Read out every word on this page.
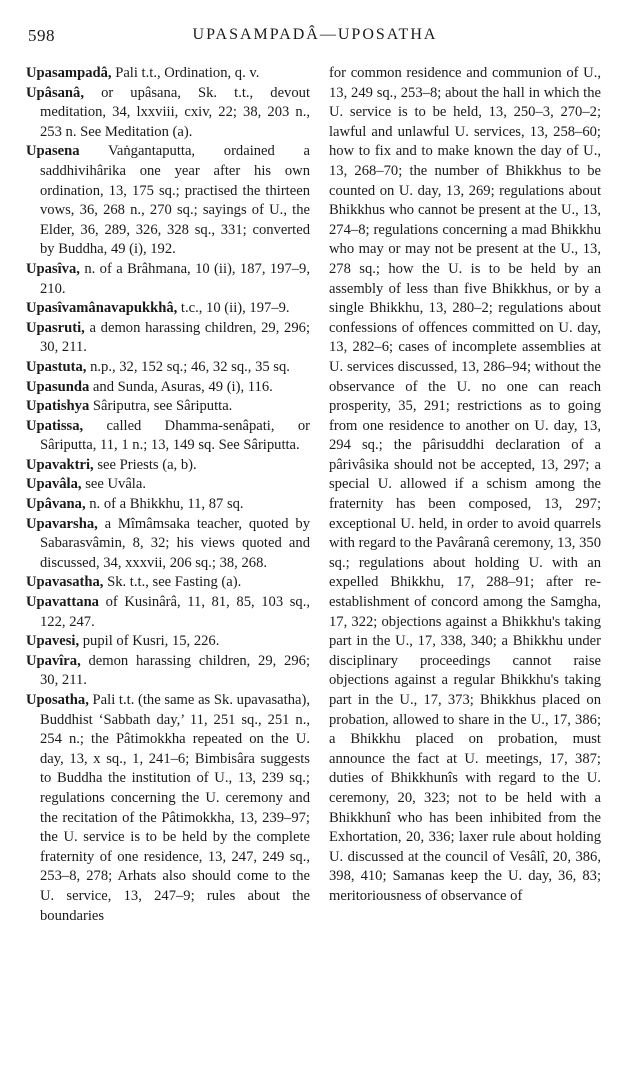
598	UPASAMPADÂ—UPOSATHA

Upasampadâ, Pali t.t., Ordination, q. v.

Upâsanâ, or upâsana, Sk. t.t., devout meditation, 34, lxxviii, cxiv, 22; 38, 203 n., 253 n. See Meditation (a).

Upasena Vaṅgantaputta, ordained a saddhivihârika one year after his own ordination, 13, 175 sq.; practised the thirteen vows, 36, 268 n., 270 sq.; sayings of U., the Elder, 36, 289, 326, 328 sq., 331; converted by Buddha, 49 (i), 192.

Upasîva, n. of a Brâhmana, 10 (ii), 187, 197–9, 210.

Upasîvamânavapukkhâ, t.c., 10 (ii), 197–9.

Upasruti, a demon harassing children, 29, 296; 30, 211.

Upastuta, n.p., 32, 152 sq.; 46, 32 sq., 35 sq.

Upasunda and Sunda, Asuras, 49 (i), 116.

Upatishya Sâriputra, see Sâriputta.

Upatissa, called Dhamma-senâpati, or Sâriputta, 11, 1 n.; 13, 149 sq. See Sâriputta.

Upavaktri, see Priests (a, b).

Upavâla, see Uvâla.

Upâvana, n. of a Bhikkhu, 11, 87 sq.

Upavarsha, a Mîmâmsaka teacher, quoted by Sabarasvâmin, 8, 32; his views quoted and discussed, 34, xxxvii, 206 sq.; 38, 268.

Upavasatha, Sk. t.t., see Fasting (a).

Upavattana of Kusinârâ, 11, 81, 85, 103 sq., 122, 247.

Upavesi, pupil of Kusri, 15, 226.

Upavîra, demon harassing children, 29, 296; 30, 211.

Uposatha, Pali t.t. (the same as Sk. upavasatha), Buddhist ‘Sabbath day,’ 11, 251 sq., 251 n., 254 n.; the Pâtimokkha repeated on the U. day, 13, x sq., 1, 241–6; Bimbisâra suggests to Buddha the institution of U., 13, 239 sq.; regulations concerning the U. ceremony and the recitation of the Pâtimokkha, 13, 239–97; the U. service is to be held by the complete fraternity of one residence, 13, 247, 249 sq., 253–8, 278; Arhats also should come to the U. service, 13, 247–9; rules about the boundaries

for common residence and communion of U., 13, 249 sq., 253–8; about the hall in which the U. service is to be held, 13, 250–3, 270–2; lawful and unlawful U. services, 13, 258–60; how to fix and to make known the day of U., 13, 268–70; the number of Bhikkhus to be counted on U. day, 13, 269; regulations about Bhikkhus who cannot be present at the U., 13, 274–8; regulations concerning a mad Bhikkhu who may or may not be present at the U., 13, 278 sq.; how the U. is to be held by an assembly of less than five Bhikkhus, or by a single Bhikkhu, 13, 280–2; regulations about confessions of offences committed on U. day, 13, 282–6; cases of incomplete assemblies at U. services discussed, 13, 286–94; without the observance of the U. no one can reach prosperity, 35, 291; restrictions as to going from one residence to another on U. day, 13, 294 sq.; the pârisuddhi declaration of a pârivâsika should not be accepted, 13, 297; a special U. allowed if a schism among the fraternity has been composed, 13, 297; exceptional U. held, in order to avoid quarrels with regard to the Pavâranâ ceremony, 13, 350 sq.; regulations about holding U. with an expelled Bhikkhu, 17, 288–91; after re-establishment of concord among the Samgha, 17, 322; objections against a Bhikkhu's taking part in the U., 17, 338, 340; a Bhikkhu under disciplinary proceedings cannot raise objections against a regular Bhikkhu's taking part in the U., 17, 373; Bhikkhus placed on probation, allowed to share in the U., 17, 386; a Bhikkhu placed on probation, must announce the fact at U. meetings, 17, 387; duties of Bhikkhunîs with regard to the U. ceremony, 20, 323; not to be held with a Bhikkhunî who has been inhibited from the Exhortation, 20, 336; laxer rule about holding U. discussed at the council of Vesâlî, 20, 386, 398, 410; Samanas keep the U. day, 36, 83; meritoriousness of observance of
